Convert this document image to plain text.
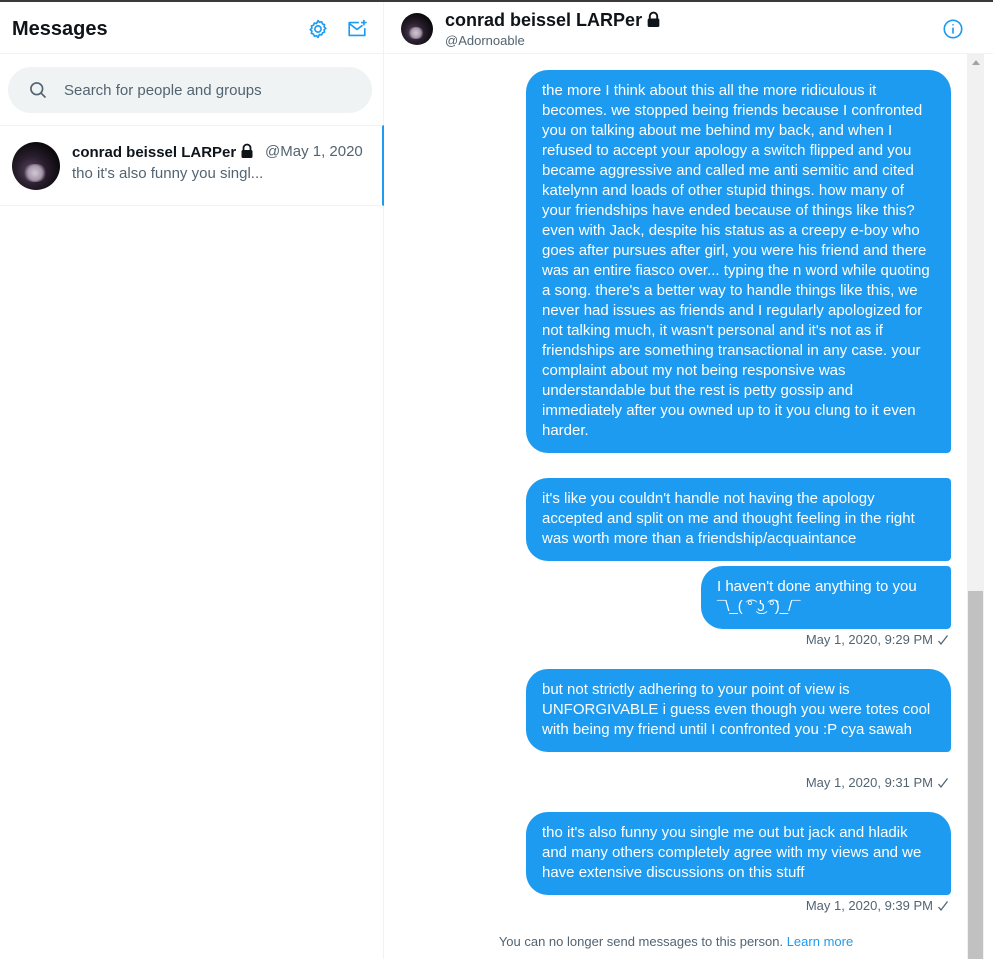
Messages
Search for people and groups
conrad beissel LARPer	@May 1, 2020
tho it's also funny you singl...
conrad beissel LARPer
@Adornoable
the more I think about this all the more ridiculous it becomes. we stopped being friends because I confronted you on talking about me behind my back, and when I refused to accept your apology a switch flipped and you became aggressive and called me anti semitic and cited katelynn and loads of other stupid things. how many of your friendships have ended because of things like this? even with Jack, despite his status as a creepy e-boy who goes after pursues after girl, you were his friend and there was an entire fiasco over... typing the n word while quoting a song. there's a better way to handle things like this, we never had issues as friends and I regularly apologized for not talking much, it wasn't personal and it's not as if friendships are something transactional in any case. your complaint about my not being responsive was understandable but the rest is petty gossip and immediately after you owned up to it you clung to it even harder.
it's like you couldn't handle not having the apology accepted and split on me and thought feeling in the right was worth more than a friendship/acquaintance
I haven't done anything to you ¯\_( ͡° ͜ʖ ͡°)_/¯
May 1, 2020, 9:29 PM
but not strictly adhering to your point of view is UNFORGIVABLE i guess even though you were totes cool with being my friend until I confronted you :P cya sawah
May 1, 2020, 9:31 PM
tho it's also funny you single me out but jack and hladik and many others completely agree with my views and we have extensive discussions on this stuff
May 1, 2020, 9:39 PM
You can no longer send messages to this person. Learn more
